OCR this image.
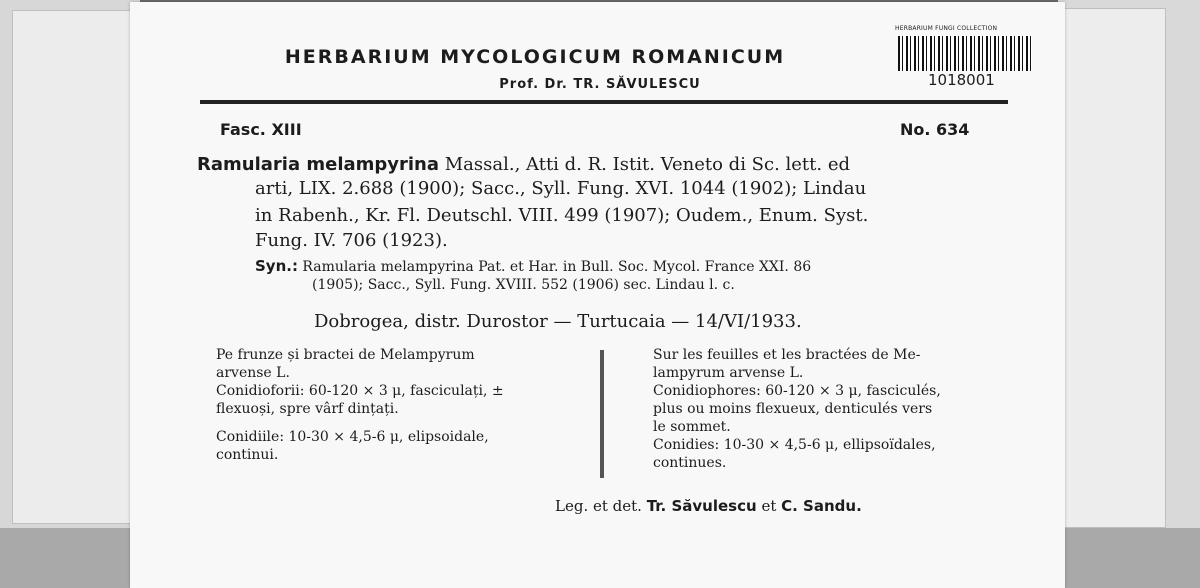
HERBARIUM MYCOLOGICUM ROMANICUM
Prof. Dr. TR. SĂVULESCU
HERBARIUM FUNGI COLLECTION
1018001
Fasc. XIII	No. 634
Ramularia melampyrina Massal., Atti d. R. Istit. Veneto di Sc. lett. ed
arti, LIX. 2.688 (1900); Sacc., Syll. Fung. XVI. 1044 (1902); Lindau
in Rabenh., Kr. Fl. Deutschl. VIII. 499 (1907); Oudem., Enum. Syst.
Fung. IV. 706 (1923).
Syn.: Ramularia melampyrina Pat. et Har. in Bull. Soc. Mycol. France XXI. 86
(1905); Sacc., Syll. Fung. XVIII. 552 (1906) sec. Lindau l. c.
Dobrogea, distr. Durostor — Turtucaia — 14/VI/1933.
Pe frunze și bractei de Melampyrum
arvense L.
Conidioforii: 60-120 × 3 μ, fasciculați, ±
flexuoși, spre vârf dințați.
Conidiile: 10-30 × 4,5-6 μ, elipsoidale,
continui.
Sur les feuilles et les bractées de Me-
lampyrum arvense L.
Conidiophores: 60-120 × 3 μ, fasciculés,
plus ou moins flexueux, denticulés vers
le sommet.
Conidies: 10-30 × 4,5-6 μ, ellipsoïdales,
continues.
Leg. et det. Tr. Săvulescu et C. Sandu.
